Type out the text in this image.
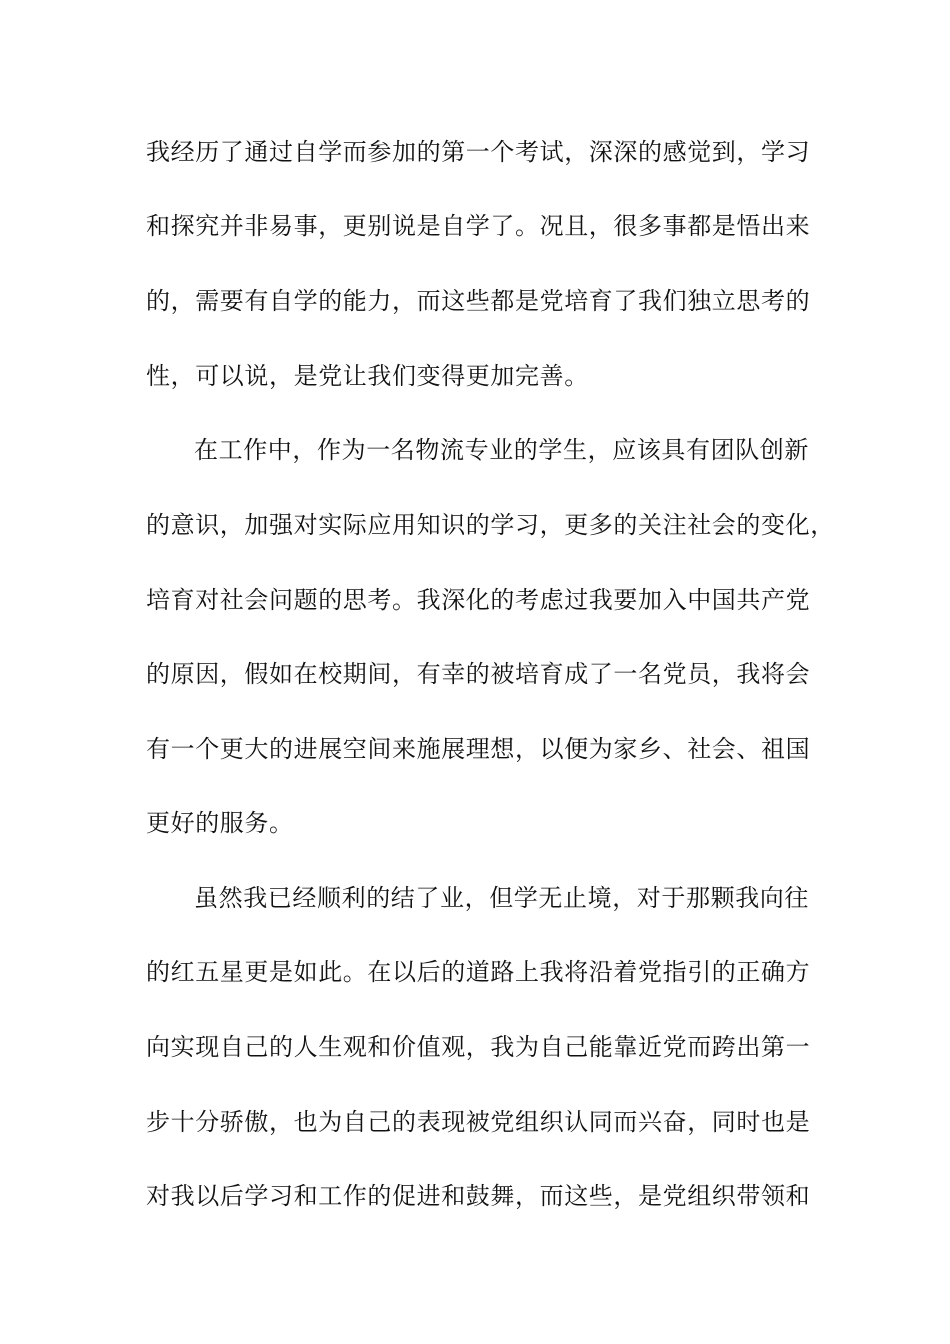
我经历了通过自学而参加的第一个考试，深深的感觉到，学习
和探究并非易事，更别说是自学了。况且，很多事都是悟出来
的，需要有自学的能力，而这些都是党培育了我们独立思考的
性，可以说，是党让我们变得更加完善。
在工作中，作为一名物流专业的学生，应该具有团队创新
的意识，加强对实际应用知识的学习，更多的关注社会的变化，
培育对社会问题的思考。我深化的考虑过我要加入中国共产党
的原因，假如在校期间，有幸的被培育成了一名党员，我将会
有一个更大的进展空间来施展理想，以便为家乡、社会、祖国
更好的服务。
虽然我已经顺利的结了业，但学无止境，对于那颗我向往
的红五星更是如此。在以后的道路上我将沿着党指引的正确方
向实现自己的人生观和价值观，我为自己能靠近党而跨出第一
步十分骄傲，也为自己的表现被党组织认同而兴奋，同时也是
对我以后学习和工作的促进和鼓舞，而这些，是党组织带领和
